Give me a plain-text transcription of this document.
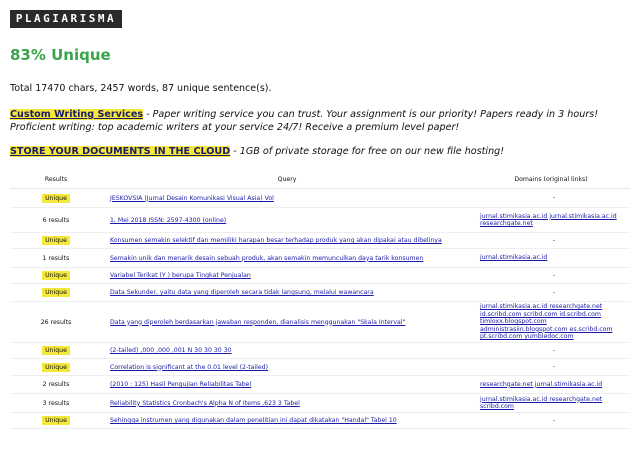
PLAGIARISMA
83% Unique
Total 17470 chars, 2457 words, 87 unique sentence(s).
Custom Writing Services - Paper writing service you can trust. Your assignment is our priority! Papers ready in 3 hours! Proficient writing: top academic writers at your service 24/7! Receive a premium level paper!
STORE YOUR DOCUMENTS IN THE CLOUD - 1GB of private storage for free on our new file hosting!
Results	Query	Domains (original links)
Unique	JESKOVSIA (Jurnal Desain Komunikasi Visual Asia) Vol	-
6 results	1, Mei 2018 ISSN: 2597-4300 (online)	jurnal.stimikasia.ac.id jurnal.stimikasia.ac.id researchgate.net
Unique	Konsumen semakin selektif dan memiliki harapan besar terhadap produk yang akan dipakai atau dibelinya	-
1 results	Semakin unik dan menarik desain sebuah produk, akan semakin memunculkan daya tarik konsumen	jurnal.stimikasia.ac.id
Unique	Variabel Terikat (Y ) berupa Tingkat Penjualan	-
Unique	Data Sekunder, yaitu data yang diperoleh secara tidak langsung, melalui wawancara	-
26 results	Data yang diperoleh berdasarkan jawaban responden, dianalisis menggunakan "Skala Interval"	jurnal.stimikasia.ac.id researchgate.net id.scribd.com scribd.com id.scribd.com timloxx.blogspot.com administrasiin.blogspot.com es.scribd.com pt.scribd.com yumbledoc.com
Unique	(2-tailed) ,000 ,000 ,001 N 30 30 30 30	-
Unique	Correlation is significant at the 0.01 level (2-tailed)	-
2 results	(2010 : 125) Hasil Pengujian Reliabilitas Tabel	researchgate.net jurnal.stimikasia.ac.id
3 results	Reliability Statistics Cronbach's Alpha N of Items ,623 3 Tabel	jurnal.stimikasia.ac.id researchgate.net scribd.com
Unique	Sehingga instrumen yang digunakan dalam penelitian ini dapat dikatakan "Handal" Tabel 10	-
